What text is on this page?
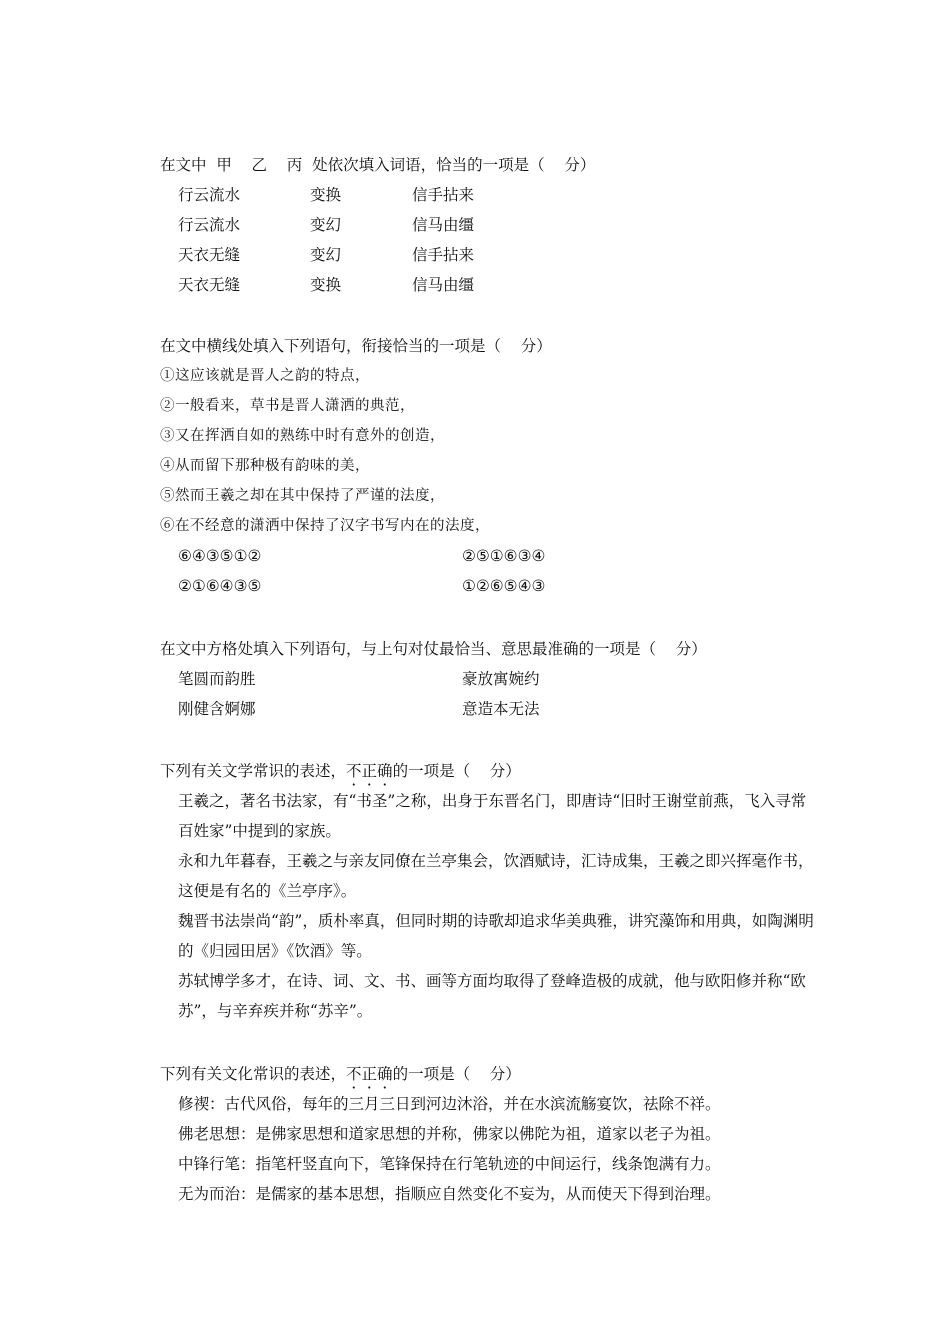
在文中  甲    乙    丙  处依次填入词语，恰当的一项是（    分）
行云流水	变换	信手拈来
行云流水	变幻	信马由缰
天衣无缝	变幻	信手拈来
天衣无缝	变换	信马由缰
在文中横线处填入下列语句，衔接恰当的一项是（    分）
①这应该就是晋人之韵的特点，
②一般看来，草书是晋人潇洒的典范，
③又在挥洒自如的熟练中时有意外的创造，
④从而留下那种极有韵味的美，
⑤然而王羲之却在其中保持了严谨的法度，
⑥在不经意的潇洒中保持了汉字书写内在的法度，
⑥④③⑤①②	②⑤①⑥③④
②①⑥④③⑤	①②⑥⑤④③
在文中方格处填入下列语句，与上句对仗最恰当、意思最准确的一项是（    分）
笔圆而韵胜	豪放寓婉约
刚健含婀娜	意造本无法
下列有关文学常识的表述，不正确的一项是（    分）
王羲之，著名书法家，有“书圣”之称，出身于东晋名门，即唐诗“旧时王谢堂前燕，飞入寻常百姓家”中提到的家族。
永和九年暮春，王羲之与亲友同僚在兰亭集会，饮酒赋诗，汇诗成集，王羲之即兴挥毫作书，这便是有名的《兰亭序》。
魏晋书法崇尚“韵”，质朴率真，但同时期的诗歌却追求华美典雅，讲究藻饰和用典，如陶渊明的《归园田居》《饮酒》等。
苏轼博学多才，在诗、词、文、书、画等方面均取得了登峰造极的成就，他与欧阳修并称“欧苏”，与辛弃疾并称“苏辛”。
下列有关文化常识的表述，不正确的一项是（    分）
修禊：古代风俗，每年的三月三日到河边沐浴，并在水滨流觞宴饮，祛除不祥。
佛老思想：是佛家思想和道家思想的并称，佛家以佛陀为祖，道家以老子为祖。
中锋行笔：指笔杆竖直向下，笔锋保持在行笔轨迹的中间运行，线条饱满有力。
无为而治：是儒家的基本思想，指顺应自然变化不妄为，从而使天下得到治理。
